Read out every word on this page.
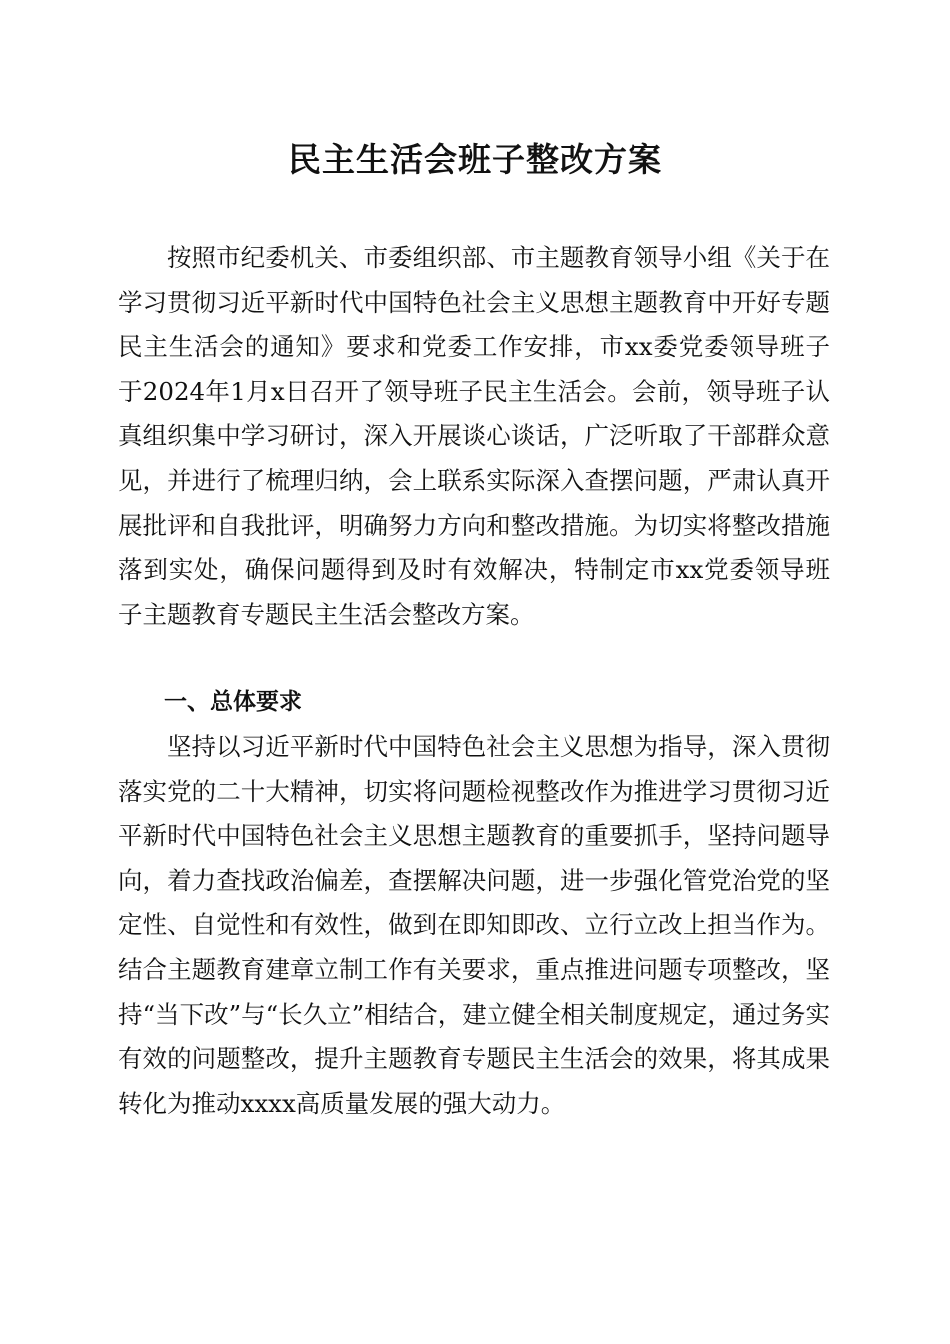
民主生活会班子整改方案

按照市纪委机关、市委组织部、市主题教育领导小组《关于在学习贯彻习近平新时代中国特色社会主义思想主题教育中开好专题民主生活会的通知》要求和党委工作安排，市xx委党委领导班子于2024年1月x日召开了领导班子民主生活会。会前，领导班子认真组织集中学习研讨，深入开展谈心谈话，广泛听取了干部群众意见，并进行了梳理归纳，会上联系实际深入查摆问题，严肃认真开展批评和自我批评，明确努力方向和整改措施。为切实将整改措施落到实处，确保问题得到及时有效解决，特制定市xx党委领导班子主题教育专题民主生活会整改方案。

一、总体要求

坚持以习近平新时代中国特色社会主义思想为指导，深入贯彻落实党的二十大精神，切实将问题检视整改作为推进学习贯彻习近平新时代中国特色社会主义思想主题教育的重要抓手，坚持问题导向，着力查找政治偏差，查摆解决问题，进一步强化管党治党的坚定性、自觉性和有效性，做到在即知即改、立行立改上担当作为。结合主题教育建章立制工作有关要求，重点推进问题专项整改，坚持“当下改”与“长久立”相结合，建立健全相关制度规定，通过务实有效的问题整改，提升主题教育专题民主生活会的效果，将其成果转化为推动xxxx高质量发展的强大动力。
